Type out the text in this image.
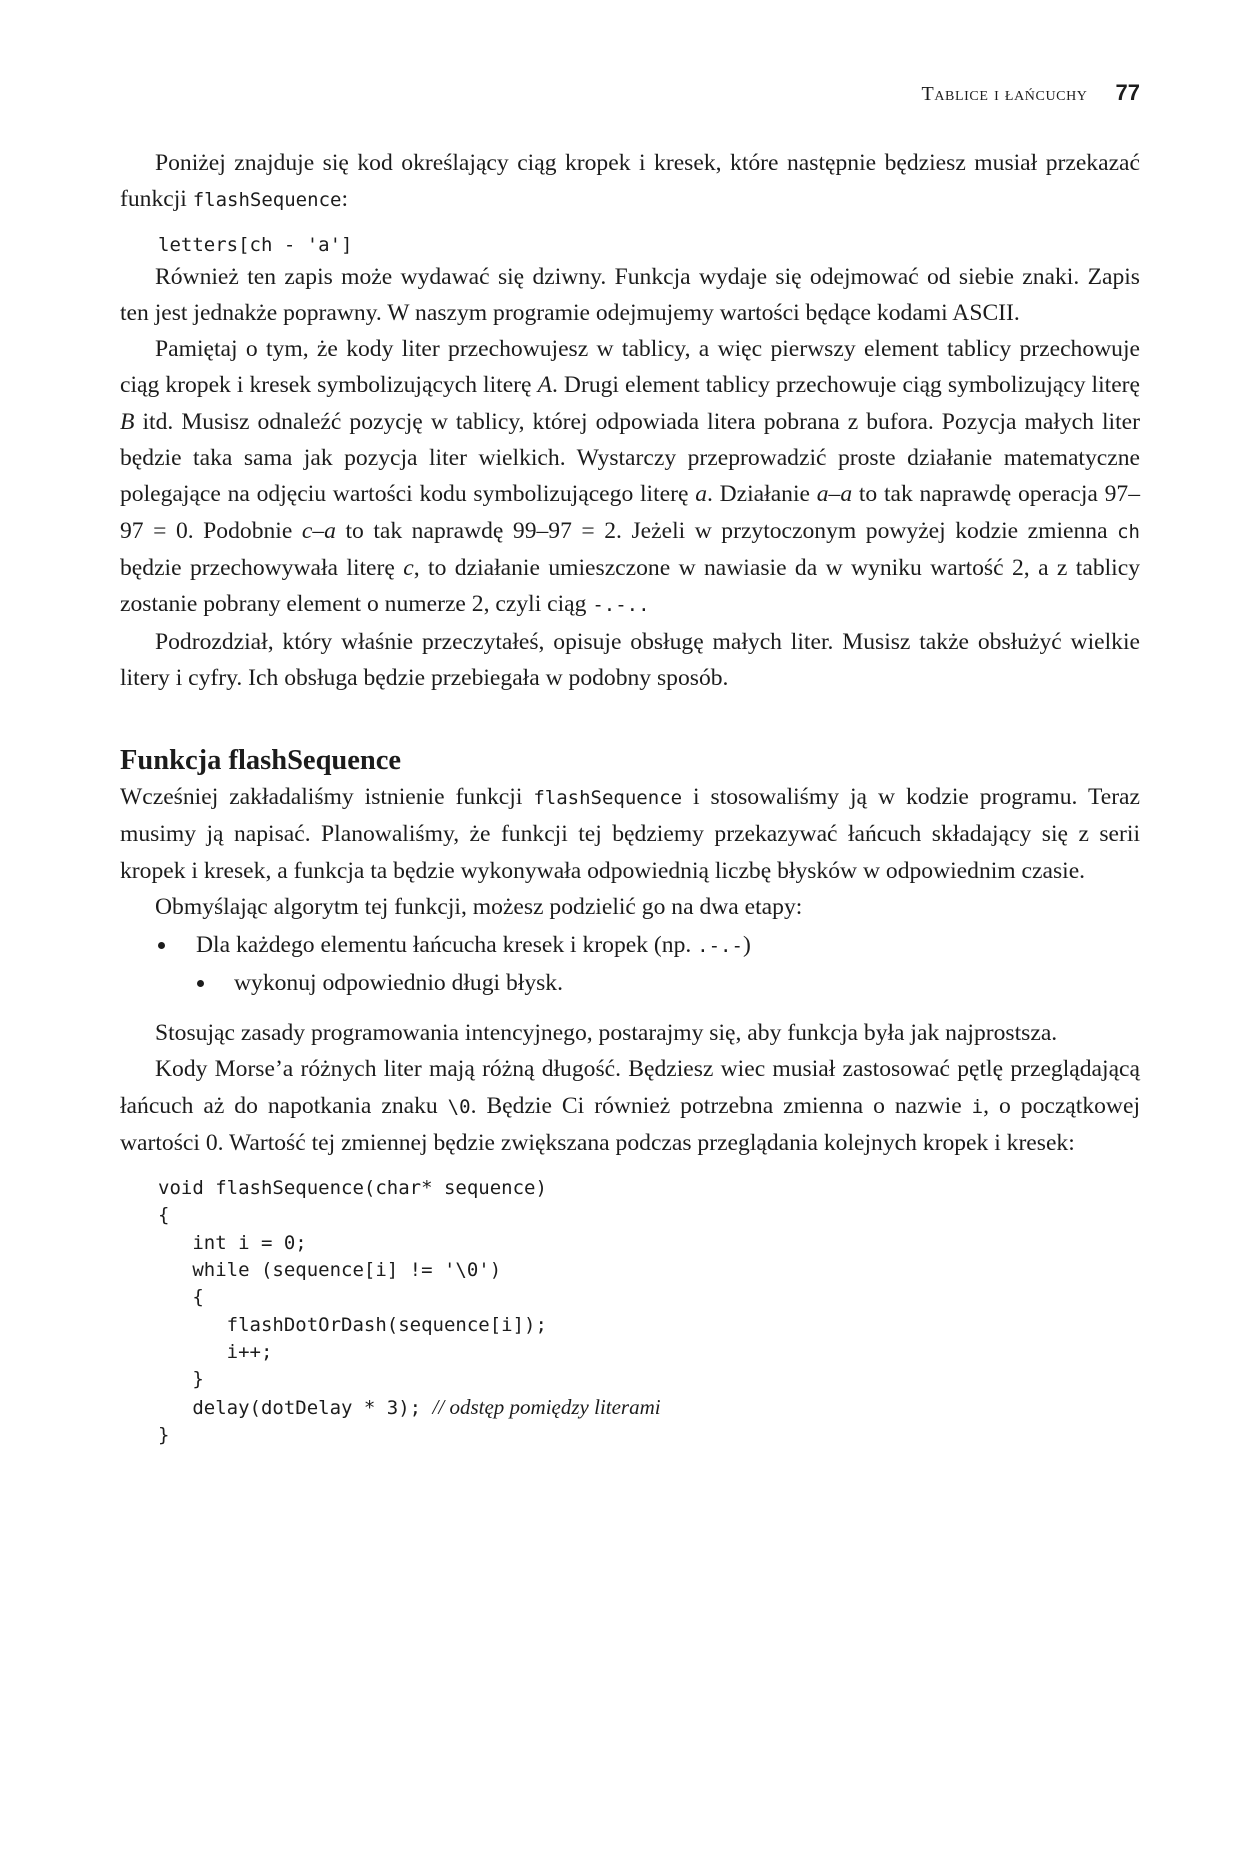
Tablice i łańcuchy 77

Poniżej znajduje się kod określający ciąg kropek i kresek, które następnie będziesz musiał przekazać funkcji flashSequence:

letters[ch - 'a']

Również ten zapis może wydawać się dziwny. Funkcja wydaje się odejmować od siebie znaki. Zapis ten jest jednakże poprawny. W naszym programie odejmujemy wartości będące kodami ASCII.

Pamiętaj o tym, że kody liter przechowujesz w tablicy, a więc pierwszy element tablicy przechowuje ciąg kropek i kresek symbolizujących literę A. Drugi element tablicy przechowuje ciąg symbolizujący literę B itd. Musisz odnaleźć pozycję w tablicy, której odpowiada litera pobrana z bufora. Pozycja małych liter będzie taka sama jak pozycja liter wielkich. Wystarczy przeprowadzić proste działanie matematyczne polegające na odjęciu wartości kodu symbolizującego literę a. Działanie a–a to tak naprawdę operacja 97–97 = 0. Podobnie c–a to tak naprawdę 99–97 = 2. Jeżeli w przytoczonym powyżej kodzie zmienna ch będzie przechowywała literę c, to działanie umieszczone w nawiasie da w wyniku wartość 2, a z tablicy zostanie pobrany element o numerze 2, czyli ciąg -.-..

Podrozdział, który właśnie przeczytałeś, opisuje obsługę małych liter. Musisz także obsłużyć wielkie litery i cyfry. Ich obsługa będzie przebiegała w podobny sposób.

Funkcja flashSequence

Wcześniej zakładaliśmy istnienie funkcji flashSequence i stosowaliśmy ją w kodzie programu. Teraz musimy ją napisać. Planowaliśmy, że funkcji tej będziemy przekazywać łańcuch składający się z serii kropek i kresek, a funkcja ta będzie wykonywała odpowiednią liczbę błysków w odpowiednim czasie.

Obmyślając algorytm tej funkcji, możesz podzielić go na dwa etapy:

Dla każdego elementu łańcucha kresek i kropek (np. .-.-)
wykonuj odpowiednio długi błysk.

Stosując zasady programowania intencyjnego, postarajmy się, aby funkcja była jak najprostsza.

Kody Morse’a różnych liter mają różną długość. Będziesz wiec musiał zastosować pętlę przeglądającą łańcuch aż do napotkania znaku \0. Będzie Ci również potrzebna zmienna o nazwie i, o początkowej wartości 0. Wartość tej zmiennej będzie zwiększana podczas przeglądania kolejnych kropek i kresek:

void flashSequence(char* sequence)
{
int i = 0;
while (sequence[i] != '\0')
{
flashDotOrDash(sequence[i]);
i++;
}
delay(dotDelay * 3); // odstęp pomiędzy literami
}
